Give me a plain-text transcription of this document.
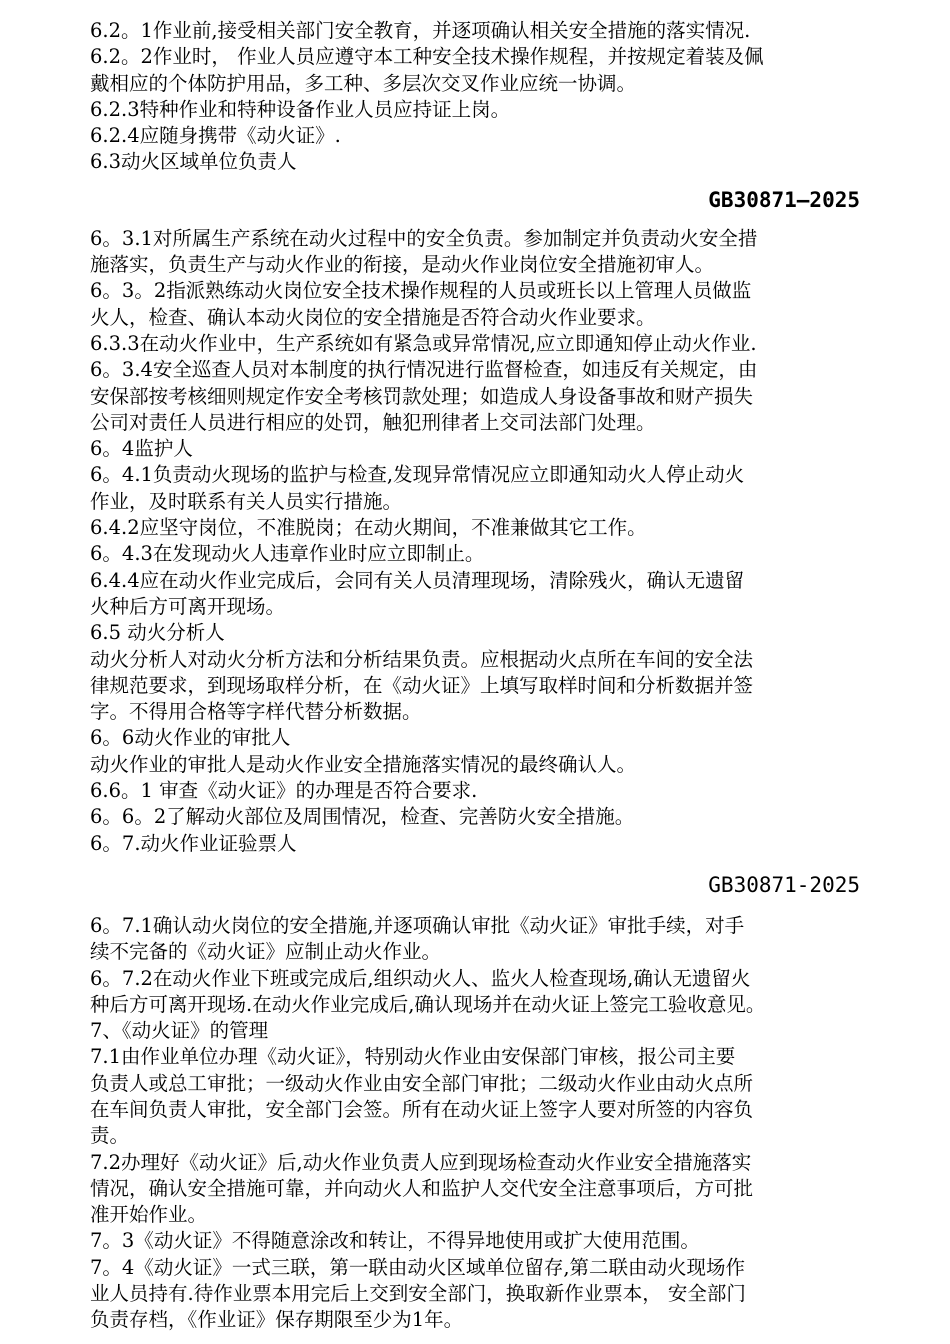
6.2。1作业前,接受相关部门安全教育，并逐项确认相关安全措施的落实情况.
6.2。2作业时， 作业人员应遵守本工种安全技术操作规程，并按规定着装及佩
戴相应的个体防护用品，多工种、多层次交叉作业应统一协调。
6.2.3特种作业和特种设备作业人员应持证上岗。
6.2.4应随身携带《动火证》.
6.3动火区域单位负责人
GB30871—2025
6。3.1对所属生产系统在动火过程中的安全负责。参加制定并负责动火安全措
施落实，负责生产与动火作业的衔接，是动火作业岗位安全措施初审人。
6。3。2指派熟练动火岗位安全技术操作规程的人员或班长以上管理人员做监
火人，检查、确认本动火岗位的安全措施是否符合动火作业要求。
6.3.3在动火作业中，生产系统如有紧急或异常情况,应立即通知停止动火作业.
6。3.4安全巡查人员对本制度的执行情况进行监督检查，如违反有关规定，由
安保部按考核细则规定作安全考核罚款处理；如造成人身设备事故和财产损失
公司对责任人员进行相应的处罚，触犯刑律者上交司法部门处理。
6。4监护人
6。4.1负责动火现场的监护与检查,发现异常情况应立即通知动火人停止动火
作业，及时联系有关人员实行措施。
6.4.2应坚守岗位，不准脱岗；在动火期间，不准兼做其它工作。
6。4.3在发现动火人违章作业时应立即制止。
6.4.4应在动火作业完成后，会同有关人员清理现场，清除残火，确认无遗留
火种后方可离开现场。
6.5 动火分析人
动火分析人对动火分析方法和分析结果负责。应根据动火点所在车间的安全法
律规范要求，到现场取样分析，在《动火证》上填写取样时间和分析数据并签
字。不得用合格等字样代替分析数据。
6。6动火作业的审批人
动火作业的审批人是动火作业安全措施落实情况的最终确认人。
6.6。1 审查《动火证》的办理是否符合要求.
6。6。2了解动火部位及周围情况，检查、完善防火安全措施。
6。7.动火作业证验票人
GB30871-2025
6。7.1确认动火岗位的安全措施,并逐项确认审批《动火证》审批手续，对手
续不完备的《动火证》应制止动火作业。
6。7.2在动火作业下班或完成后,组织动火人、监火人检查现场,确认无遗留火
种后方可离开现场.在动火作业完成后,确认现场并在动火证上签完工验收意见。
7、《动火证》的管理
7.1由作业单位办理《动火证》，特别动火作业由安保部门审核，报公司主要
负责人或总工审批；一级动火作业由安全部门审批；二级动火作业由动火点所
在车间负责人审批，安全部门会签。所有在动火证上签字人要对所签的内容负
责。
7.2办理好《动火证》后,动火作业负责人应到现场检查动火作业安全措施落实
情况，确认安全措施可靠，并向动火人和监护人交代安全注意事项后，方可批
准开始作业。
7。3《动火证》不得随意涂改和转让，不得异地使用或扩大使用范围。
7。4《动火证》一式三联，第一联由动火区域单位留存,第二联由动火现场作
业人员持有.待作业票本用完后上交到安全部门，换取新作业票本， 安全部门
负责存档，《作业证》保存期限至少为1年。
